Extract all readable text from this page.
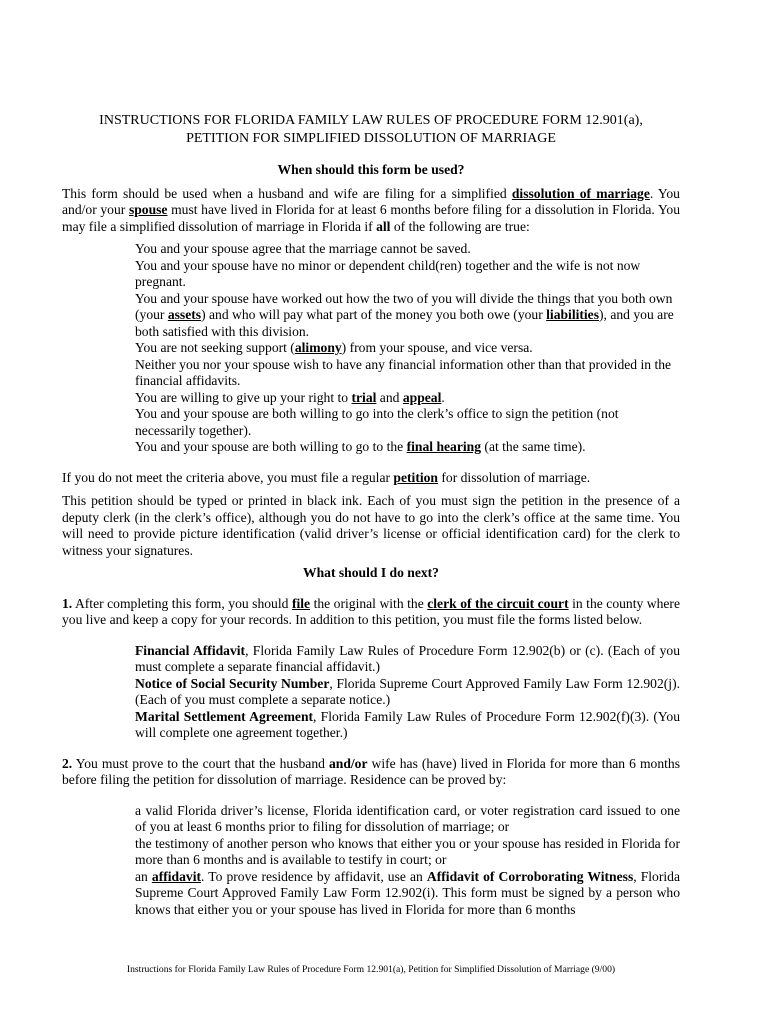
INSTRUCTIONS FOR FLORIDA FAMILY LAW RULES OF PROCEDURE FORM 12.901(a),
PETITION FOR SIMPLIFIED DISSOLUTION OF MARRIAGE
When should this form be used?
This form should be used when a husband and wife are filing for a simplified dissolution of marriage. You and/or your spouse must have lived in Florida for at least 6 months before filing for a dissolution in Florida. You may file a simplified dissolution of marriage in Florida if all of the following are true:
You and your spouse agree that the marriage cannot be saved.
You and your spouse have no minor or dependent child(ren) together and the wife is not now pregnant.
You and your spouse have worked out how the two of you will divide the things that you both own (your assets) and who will pay what part of the money you both owe (your liabilities), and you are both satisfied with this division.
You are not seeking support (alimony) from your spouse, and vice versa.
Neither you nor your spouse wish to have any financial information other than that provided in the financial affidavits.
You are willing to give up your right to trial and appeal.
You and your spouse are both willing to go into the clerk’s office to sign the petition (not necessarily together).
You and your spouse are both willing to go to the final hearing (at the same time).
If you do not meet the criteria above, you must file a regular petition for dissolution of marriage.
This petition should be typed or printed in black ink. Each of you must sign the petition in the presence of a deputy clerk (in the clerk’s office), although you do not have to go into the clerk’s office at the same time. You will need to provide picture identification (valid driver’s license or official identification card) for the clerk to witness your signatures.
What should I do next?
1. After completing this form, you should file the original with the clerk of the circuit court in the county where you live and keep a copy for your records. In addition to this petition, you must file the forms listed below.
Financial Affidavit, Florida Family Law Rules of Procedure Form 12.902(b) or (c). (Each of you must complete a separate financial affidavit.)
Notice of Social Security Number, Florida Supreme Court Approved Family Law Form 12.902(j). (Each of you must complete a separate notice.)
Marital Settlement Agreement, Florida Family Law Rules of Procedure Form 12.902(f)(3). (You will complete one agreement together.)
2. You must prove to the court that the husband and/or wife has (have) lived in Florida for more than 6 months before filing the petition for dissolution of marriage. Residence can be proved by:
a valid Florida driver’s license, Florida identification card, or voter registration card issued to one of you at least 6 months prior to filing for dissolution of marriage; or
the testimony of another person who knows that either you or your spouse has resided in Florida for more than 6 months and is available to testify in court; or
an affidavit. To prove residence by affidavit, use an Affidavit of Corroborating Witness, Florida Supreme Court Approved Family Law Form 12.902(i). This form must be signed by a person who knows that either you or your spouse has lived in Florida for more than 6 months
Instructions for Florida Family Law Rules of Procedure Form 12.901(a), Petition for Simplified Dissolution of Marriage (9/00)
